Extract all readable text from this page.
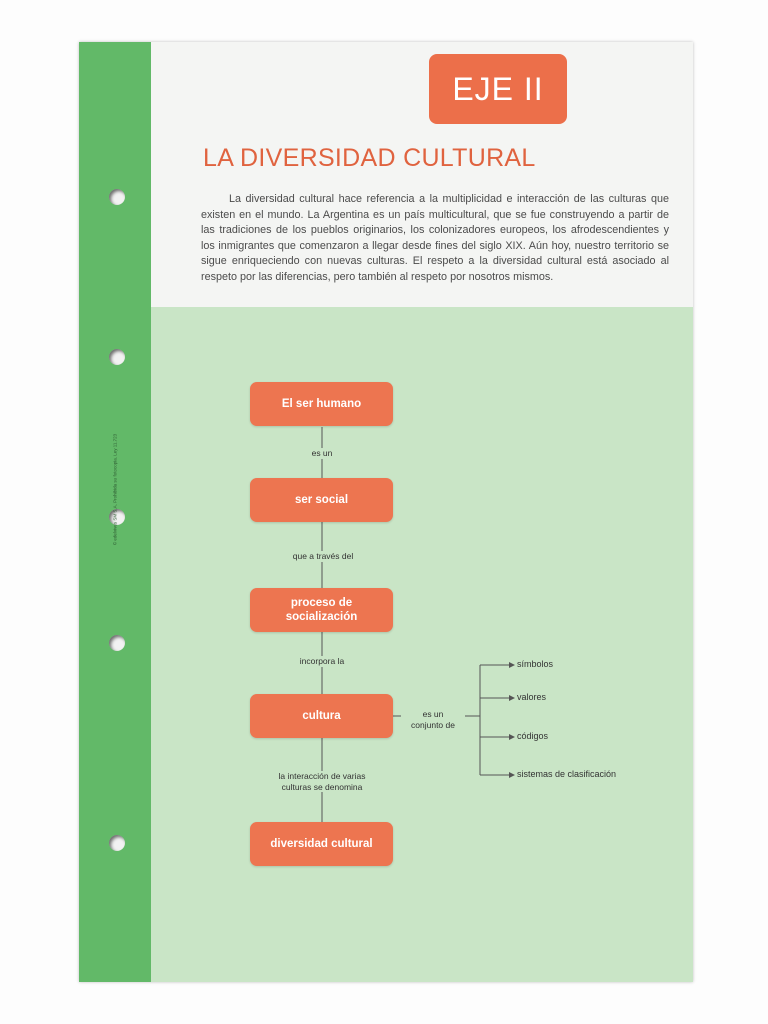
© edelvives SM S.A. Prohibida su fotocopia. Ley 11.723
EJE II
LA DIVERSIDAD CULTURAL
La diversidad cultural hace referencia a la multiplicidad e interacción de las culturas que existen en el mundo. La Argentina es un país multicultural, que se fue construyendo a partir de las tradiciones de los pueblos originarios, los colonizadores europeos, los afrodescendientes y los inmigrantes que comenzaron a llegar desde fines del siglo XIX. Aún hoy, nuestro territorio se sigue enriqueciendo con nuevas culturas. El respeto a la diversidad cultural está asociado al respeto por las diferencias, pero también al respeto por nosotros mismos.
El ser humano
es un
ser social
que a través del
proceso de
socialización
incorpora la
cultura	es un
conjunto de
símbolos
valores
códigos
sistemas de clasificación
la interacción de varias
culturas se denomina
diversidad cultural
